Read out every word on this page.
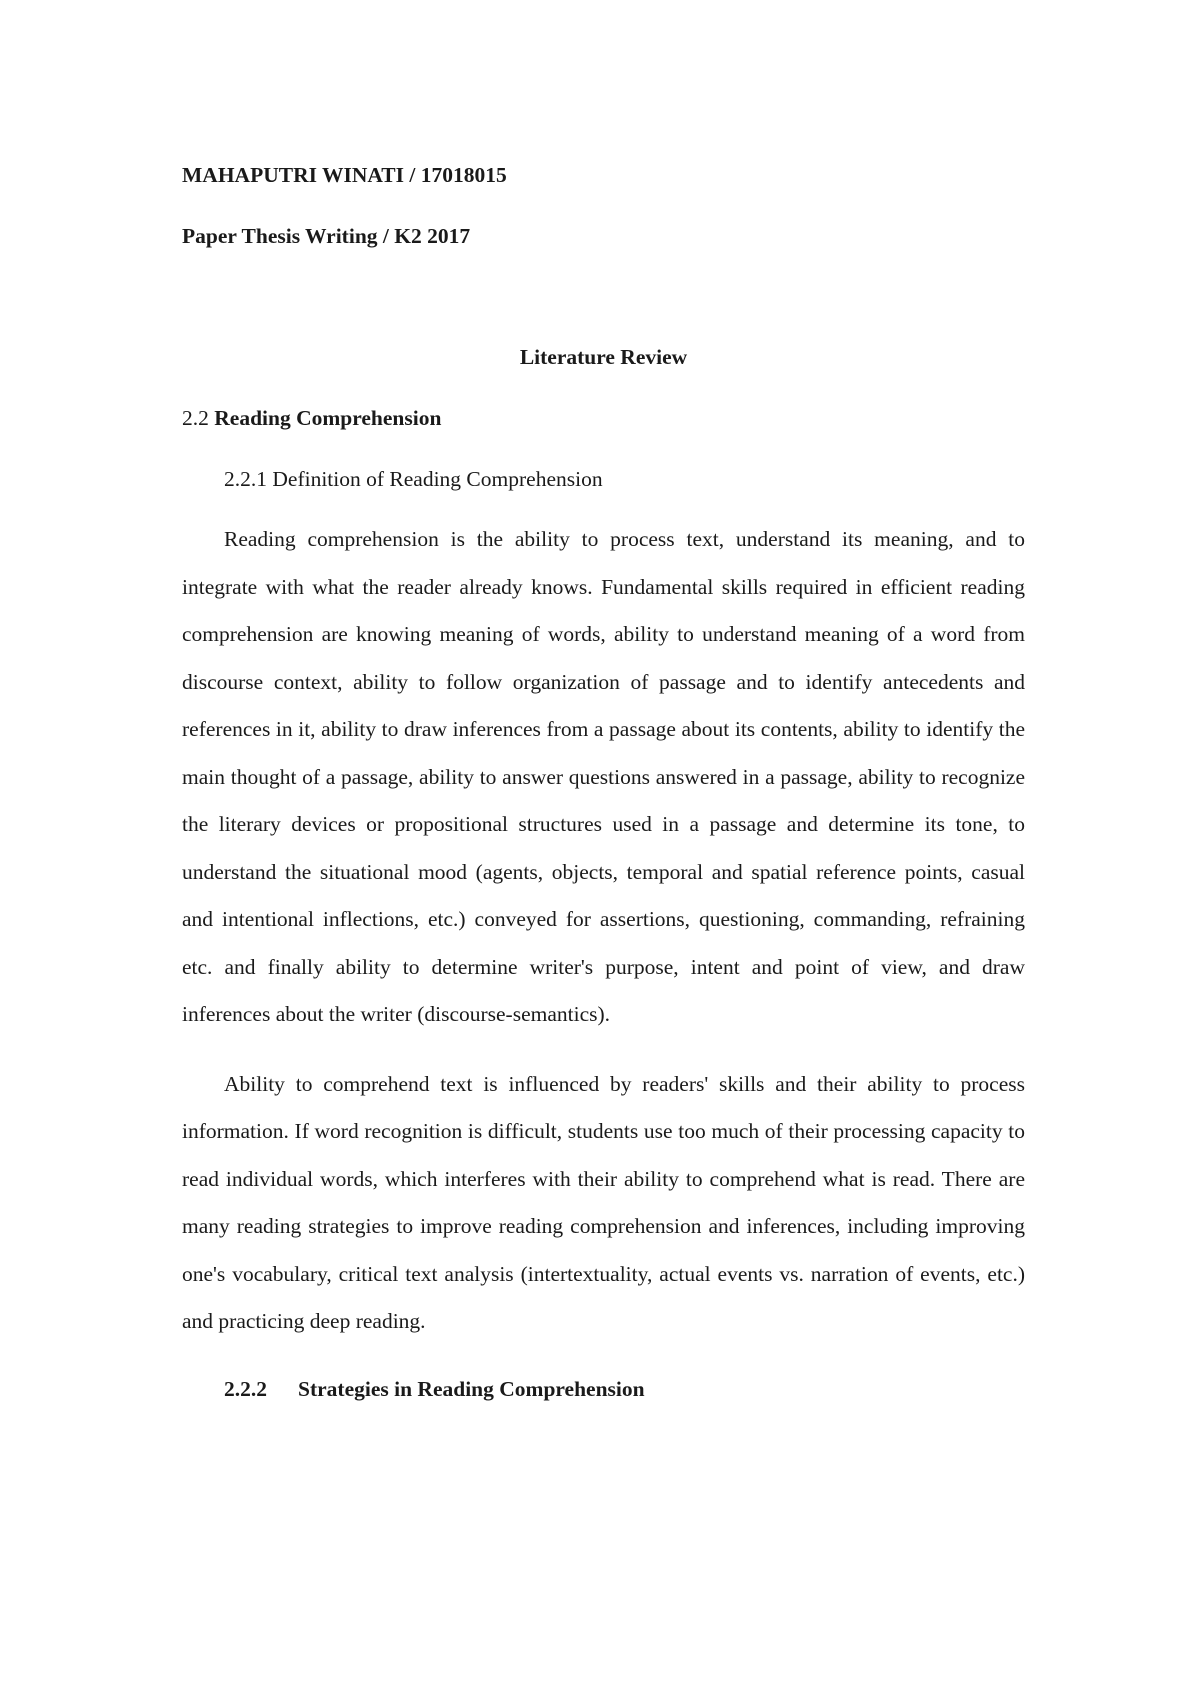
MAHAPUTRI WINATI / 17018015

Paper Thesis Writing / K2 2017

Literature Review

2.2 Reading Comprehension

2.2.1 Definition of Reading Comprehension

Reading comprehension is the ability to process text, understand its meaning, and to integrate with what the reader already knows. Fundamental skills required in efficient reading comprehension are knowing meaning of words, ability to understand meaning of a word from discourse context, ability to follow organization of passage and to identify antecedents and references in it, ability to draw inferences from a passage about its contents, ability to identify the main thought of a passage, ability to answer questions answered in a passage, ability to recognize the literary devices or propositional structures used in a passage and determine its tone, to understand the situational mood (agents, objects, temporal and spatial reference points, casual and intentional inflections, etc.) conveyed for assertions, questioning, commanding, refraining etc. and finally ability to determine writer's purpose, intent and point of view, and draw inferences about the writer (discourse-semantics).

Ability to comprehend text is influenced by readers' skills and their ability to process information. If word recognition is difficult, students use too much of their processing capacity to read individual words, which interferes with their ability to comprehend what is read. There are many reading strategies to improve reading comprehension and inferences, including improving one's vocabulary, critical text analysis (intertextuality, actual events vs. narration of events, etc.) and practicing deep reading.

2.2.2 Strategies in Reading Comprehension
